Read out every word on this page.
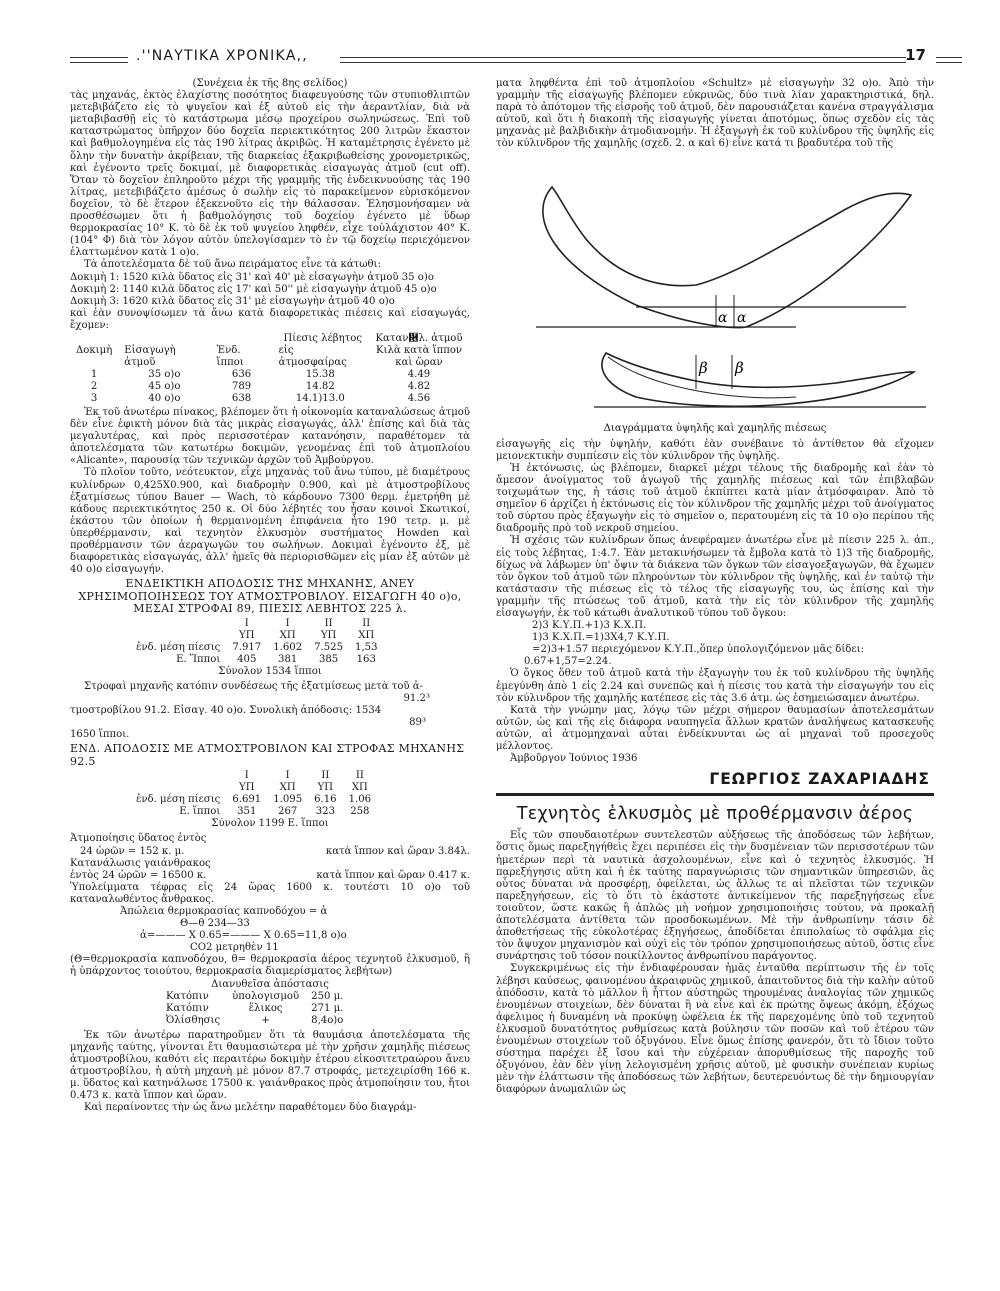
.''ΝΑΥΤΙΚΑ ΧΡΟΝΙΚΑ,,	17

(Συνέχεια ἐκ τῆς 8ης σελίδος)

τὰς μηχανάς, ἐκτὸς ἐλαχίστης ποσότητος διαφευγούσης τῶν στυπιοθλιπτῶν μετεβιβάζετο εἰς τὸ ψυγεῖον καὶ ἐξ αὐτοῦ εἰς τὴν ἀεραντλίαν, διὰ νὰ μεταβιβασθῇ εἰς τὸ κατάστρωμα μέσῳ προχείρου σωληνώσεως. Ἐπὶ τοῦ καταστρώματος ὑπῆρχον δύο δοχεῖα περιεκτικότητος 200 λιτρῶν ἕκαστον καὶ βαθμολογημένα εἰς τὰς 190 λίτρας ἀκριβῶς. Ἡ καταμέτρησις ἐγένετο μὲ ὅλην τὴν δυνατὴν ἀκρίβειαν, τῆς διαρκείας ἐξακριβωθείσης χρονομετρικῶς, καὶ ἐγένοντο τρεῖς δοκιμαί, μὲ διαφορετικὰς εἰσαγωγὰς ἀτμοῦ (cut off). Ὅταν τὸ δοχεῖον ἐπληροῦτο μέχρι τῆς γραμμῆς τῆς ἐνδεικνυούσης τὰς 190 λίτρας, μετεβιβάζετο ἀμέσως ὁ σωλὴν εἰς τὸ παρακείμενον εὑρισκόμενον δοχεῖον, τὸ δὲ ἕτερον ἐξεκενοῦτο εἰς τὴν θάλασσαν. Ἐλησμονήσαμεν νὰ προσθέσωμεν ὅτι ἡ βαθμολόγησις τοῦ δοχείου ἐγένετο μὲ ὕδωρ θερμοκρασίας 10° Κ. τὸ δὲ ἐκ τοῦ ψυγείου ληφθέν, εἶχε τοὐλάχιστον 40° Κ. (104° Φ) διὰ τὸν λόγον αὐτὸν ὑπελογίσαμεν τὸ ἐν τῷ δοχείῳ περιεχόμενον ἐλαττωμένον κατὰ 1 ο)ο.

Τὰ ἀποτελέσματα δὲ τοῦ ἄνω πειράματος εἶνε τὰ κάτωθι:

Δοκιμὴ 1: 1520 κιλὰ ὕδατος εἰς 31' καὶ 40' μὲ εἰσαγωγὴν ἀτμοῦ 35 ο)ο

Δοκιμὴ 2: 1140 κιλὰ ὕδατος εἰς 17' καὶ 50'' μὲ εἰσαγωγὴν ἀτμοῦ 45 ο)ο

Δοκιμὴ 3: 1620 κιλὰ ὕδατος εἰς 31' μὲ εἰσαγωγὴν ἀτμοῦ 40 ο)ο

καὶ ἐὰν συνοψίσωμεν τὰ ἄνω κατὰ διαφορετικὰς πιέσεις καὶ εἰσαγωγάς, ἔχομεν:

			Πίεσις λέβητος	Καταν἖λ. ἀτμοῦ
Δοκιμὴ	Εἰσαγωγὴ ἀτμοῦ	Ἐνδ. ἵπποι	εἰς ἀτμοσφαίρας	Κιλὰ κατὰ ἵππον καὶ ὥραν
1	35 ο)ο	636	15.38	4.49
2	45 ο)ο	789	14.82	4.82
3	40 ο)ο	638	14.1)13.0	4.56

Ἐκ τοῦ ἀνωτέρω πίνακος, βλέπομεν ὅτι ἡ οἰκονομία καταναλώσεως ἀτμοῦ δὲν εἶνε ἐφικτὴ μόνον διὰ τὰς μικρὰς εἰσαγωγάς, ἀλλ' ἐπίσης καὶ διὰ τὰς μεγαλυτέρας, καὶ πρὸς περισσοτέραν κατανόησιν, παραθέτομεν τὰ ἀποτελέσματα τῶν κατωτέρω δοκιμῶν, γενομένας ἐπὶ τοῦ ἀτμοπλοίου «Alicante», παρουσίᾳ τῶν τεχνικῶν ἀρχῶν τοῦ Ἀμβούργου.

Τὸ πλοῖον τοῦτο, νεότευκτον, εἶχε μηχανὰς τοῦ ἄνω τύπου, μὲ διαμέτρους κυλίνδρων 0,425Χ0.900, καὶ διαδρομὴν 0.900, καὶ μὲ ἀτμοστροβίλους ἐξατμίσεως τύπου Bauer — Wach, τὸ κάρδουνο 7300 θερμ. ἐμετρήθη μὲ κάδους περιεκτικότητος 250 κ. Οἱ δύο λέβητές του ἦσαν κοινοὶ Σκωτικοί, ἑκάστου τῶν ὁποίων ἡ θερμαινομένη ἐπιφάνεια ἦτο 190 τετρ. μ. μὲ ὑπερθέρμανσιν, καὶ τεχνητὸν ἑλκυσμὸν συστήματος Howden καὶ προθέρμανσιν τῶν ἀεραγωγῶν του σωλήνων. Δοκιμαὶ ἐγένοντο ἐξ, μὲ διαφορετικὰς εἰσαγωγάς, ἀλλ' ἡμεῖς θὰ περιορισθῶμεν εἰς μίαν ἐξ αὐτῶν μὲ 40 ο)ο εἰσαγωγήν.

ΕΝΔΕΙΚΤΙΚΗ ΑΠΟΔΟΣΙΣ ΤΗΣ ΜΗΧΑΝΗΣ, ΑΝΕΥ ΧΡΗΣΙΜΟΠΟΙΗΣΕΩΣ ΤΟΥ ΑΤΜΟΣΤΡΟΒΙΛΟΥ. ΕΙΣΑΓΩΓΗ 40 ο)ο, ΜΕΣΑΙ ΣΤΡΟΦΑΙ 89, ΠΙΕΣΙΣ ΛΕΒΗΤΟΣ 225 λ.
	Ι	Ι	ΙΙ	ΙΙ
	ΥΠ	ΧΠ	ΥΠ	ΧΠ
ἐνδ. μέση πίεσις	7.917	1.602	7.525	1,53
Ε. Ἵπποι	405	381	385	163

Σύνολον 1534 ἵπποι

Στροφαὶ μηχανῆς κατόπιν συνδέσεως τῆς ἐξατμίσεως μετὰ τοῦ ἀ-

91.2³

τμοστροβίλου 91.2. Εἰσαγ. 40 ο)ο. Συνολικὴ ἀπόδοσις: 1534

89³

1650 ἵπποι.

ΕΝΔ. ΑΠΟΔΟΣΙΣ ΜΕ ΑΤΜΟΣΤΡΟΒΙΛΟΝ ΚΑΙ ΣΤΡΟΦΑΣ ΜΗΧΑΝΗΣ 92.5
	Ι	Ι	ΙΙ	ΙΙ
	ΥΠ	ΧΠ	ΥΠ	ΧΠ
ἐνδ. μέση πίεσις	6.691	1.095	6.16	1.06
Ε. ἵπποι	351	267	323	258

Σύνολον 1199 Ε. ἵπποι

Ἀτμοποίησις ὕδατος ἐντὸς

24 ὡρῶν = 152 κ. μ.	κατὰ ἵππον καὶ ὥραν 3.84λ.

Κατανάλωσις γαιάνθρακος

ἐντὸς 24 ὡρῶν = 16500 κ.	κατὰ ἵππον καὶ ὥραν 0.417 κ.

Ὑπολείμματα τέφρας εἰς 24 ὥρας 1600 κ. τουτέστι 10 ο)ο τοῦ καταναλωθέντος ἄνθρακος.

Ἀπώλεια θερμοκρασίας καπνοδόχου = ἀ

Θ—θ 234—33

ἀ=——— Χ 0.65=——— Χ 0.65=11,8 ο)ο

CO2 μετρηθὲν 11

(Θ=θερμοκρασία καπνοδόχου, θ= θερμοκρασία ἀέρος τεχνητοῦ ἑλκυσμοῦ, ἢ ἡ ὑπάρχοντος τοιούτου, θερμοκρασία διαμερίσματος λεβήτων)

Διανυθεῖσα ἀπόστασις

Κατόπιν	ὑπολογισμοῦ	250 μ.
Κατόπιν	ἕλικος	271 μ.
Ὀλίσθησις	+	8,4ο)ο

Ἐκ τῶν ἀνωτέρω παρατηροῦμεν ὅτι τὰ θαυμάσια ἀποτελέσματα τῆς μηχανῆς ταύτης, γίνονται ἔτι θαυμασιώτερα μὲ τὴν χρῆσιν χαμηλῆς πιέσεως ἀτμοστροβίλου, καθότι εἰς περαιτέρω δοκιμὴν ἑτέρου εἰκοσιτετραώρου ἄνευ ἀτμοστροβίλου, ἡ αὐτὴ μηχανὴ μὲ μόνον 87.7 στροφάς, μετεχειρίσθη 166 κ. μ. ὕδατος καὶ κατηνάλωσε 17500 κ. γαιάνθρακος πρὸς ἀτμοποίησιν του, ἤτοι 0.473 κ. κατὰ ἵππον καὶ ὥραν.

Καὶ περαίνοντες τὴν ὡς ἄνω μελέτην παραθέτομεν δύο διαγράμ-

ματα ληφθέντα ἐπὶ τοῦ ἀτμοπλοίου «Schultz» μὲ εἰσαγωγὴν 32 ο)ο. Ἀπὸ τὴν γραμμὴν τῆς εἰσαγωγῆς βλέπομεν εὐκρινῶς, δύο τινὰ λίαν χαρακτηριστικά, δηλ. παρὰ τὸ ἀπότομον τῆς εἰσροῆς τοῦ ἀτμοῦ, δὲν παρουσιάζεται κανένα στραγγάλισμα αὐτοῦ, καὶ ὅτι ἡ διακοπὴ τῆς εἰσαγωγῆς γίνεται ἀποτόμως, ὅπως σχεδὸν εἰς τὰς μηχανὰς μὲ βαλβιδικὴν ἀτμοδιανομήν. Ἡ ἐξαγωγὴ ἐκ τοῦ κυλίνδρου τῆς ὑψηλῆς εἰς τὸν κύλινδρον τῆς χαμηλῆς (σχεδ. 2. α καὶ 6) εἶνε κατά τι βραδυτέρα τοῦ τῆς

α α
β β

Διαγράμματα ὑψηλῆς καὶ χαμηλῆς πιέσεως

εἰσαγωγῆς εἰς τὴν ὑψηλήν, καθότι ἐὰν συνέβαινε τὸ ἀντίθετον θὰ εἴχομεν μειονεκτικὴν συμπίεσιν εἰς τὸν κύλινδρον τῆς ὑψηλῆς.

Ἡ ἐκτόνωσις, ὡς βλέπομεν, διαρκεῖ μέχρι τέλους τῆς διαδρομῆς καὶ ἐὰν τὸ ἄμεσον ἀνοίγματος τοῦ ἀγωγοῦ τῆς χαμηλῆς πιέσεως καὶ τῶν ἐπιβλαβῶν τοιχωμάτων της, ἡ τάσις τοῦ ἀτμοῦ ἐκπίπτει κατὰ μίαν ἀτμόσφαιραν. Ἀπὸ τὸ σημεῖον 6 ἀρχίζει ἡ ἐκτόνωσις εἰς τὸν κύλινδρον τῆς χαμηλῆς μέχρι τοῦ ἀνοίγματος τοῦ σύρτου πρὸς ἐξαγωγὴν εἰς τὸ σημεῖον ο, περατουμένη εἰς τὰ 10 ο)ο περίπου τῆς διαδρομῆς πρὸ τοῦ νεκροῦ σημείου.

Ἡ σχέσις τῶν κυλίνδρων ὅπως ἀνεφέραμεν ἀνωτέρω εἶνε μὲ πίεσιν 225 λ. ἀπ., εἰς τοὺς λέβητας, 1:4.7. Ἐὰν μετακινήσωμεν τὰ ἔμβολα κατὰ τὸ 1)3 τῆς διαδρομῆς, δίχως νὰ λάβωμεν ὑπ' ὄψιν τὰ διάκενα τῶν ὄγκων τῶν εἰσαγοεξαγωγῶν, θὰ ἔχωμεν τὸν ὄγκον τοῦ ἀτμοῦ τῶν πληρούντων τὸν κύλινδρον τῆς ὑψηλῆς, καὶ ἐν ταὐτῷ τὴν κατάστασιν τῆς πιέσεως εἰς τὸ τέλος τῆς εἰσαγωγῆς του, ὡς ἐπίσης καὶ τὴν γραμμὴν τῆς πτώσεως τοῦ ἀτμοῦ, κατὰ τὴν εἰς τὸν κύλινδρον τῆς χαμηλῆς εἰσαγωγήν, ἐκ τοῦ κάτωθι ἀναλυτικοῦ τύπου τοῦ ὄγκου:

2)3 Κ.Υ.Π.+1)3 Κ.Χ.Π.

1)3 Κ.Χ.Π.=1)3Χ4,7 Κ.Υ.Π.

=2)3+1.57 περιεχόμενον Κ.Υ.Π.,ὅπερ ὑπολογιζόμενον μᾶς δίδει:

0.67+1,57=2.24.

Ὁ ὄγκος ὅθεν τοῦ ἀτμοῦ κατὰ τὴν ἐξαγωγὴν του ἐκ τοῦ κυλίνδρου τῆς ὑψηλῆς ἐμεγύνθη ἀπὸ 1 εἰς 2.24 καὶ συνεπῶς καὶ ἡ πίεσις του κατὰ τὴν εἰσαγωγήν του εἰς τὸν κύλινδρον τῆς χαμηλῆς κατέπεσε εἰς τὰς 3.6 ἀτμ. ὡς ἐσημειώσαμεν ἀνωτέρω.

Κατὰ τὴν γνώμην μας, λόγῳ τῶν μέχρι σήμερον θαυμασίων ἀποτελεσμάτων αὐτῶν, ὡς καὶ τῆς εἰς διάφορα ναυπηγεῖα ἄλλων κρατῶν ἀναλήψεως κατασκευῆς αὐτῶν, αἱ ἀτμομηχαναὶ αὗται ἐνδείκνυνται ὡς αἱ μηχαναὶ τοῦ προσεχοῦς μέλλοντος.

Ἀμβοῦργον Ἰούνιος 1936

ΓΕΩΡΓΙΟΣ ΖΑΧΑΡΙΑΔΗΣ
Τεχνητὸς ἑλκυσμὸς μὲ προθέρμανσιν ἀέρος

Εἷς τῶν σπουδαιοτέρων συντελεστῶν αὐξήσεως τῆς ἀποδόσεως τῶν λεβήτων, ὅστις ὅμως παρεξηγήθεὶς ἔχει περιπέσει εἰς τὴν δυσμένειαν τῶν περισσοτέρων τῶν ἡμετέρων περὶ τὰ ναυτικὰ ἀσχολουμένων, εἶνε καὶ ὁ τεχνητὸς ἑλκυσμός. Ἡ παρεξήγησις αὕτη καὶ ἡ ἐκ ταύτης παραγνώρισις τῶν σημαντικῶν ὑπηρεσιῶν, ἃς οὗτος δύναται νὰ προσφέρῃ, ὀφείλεται, ὡς ἄλλως τε αἱ πλεῖσται τῶν τεχνικῶν παρεξηγήσεων, εἰς τὸ ὅτι τὸ ἑκάστοτε ἀντικείμενον τῆς παρεξηγήσεως εἶνε τοιοῦτον, ὥστε κακῶς ἢ ἁπλῶς μὴ νοήμον χρησιμοποιήσις τούτου, νὰ προκαλῇ ἀποτελέσματα ἀντίθετα τῶν προσδοκωμένων. Μὲ τὴν ἀνθρωπίνην τάσιν δὲ ἀποθετήσεως τῆς εὐκολοτέρας ἐξηγήσεως, ἀποδίδεται ἐπιπολαίως τὸ σφάλμα εἰς τὸν ἄψυχον μηχανισμὸν καὶ οὐχὶ εἰς τὸν τρόπον χρησιμοποιήσεως αὐτοῦ, ὅστις εἶνε συνάρτησις τοῦ τόσον ποικίλλοντος ἀνθρωπίνου παράγοντος.

Συγκεκριμένως εἰς τὴν ἐνδιαφέρουσαν ἡμᾶς ἐνταῦθα περίπτωσιν τῆς ἐν τοῖς λέβησι καύσεως, φαινομένου ἀκραιφνῶς χημικοῦ, ἀπαιτοῦντος διὰ τὴν καλὴν αὐτοῦ ἀπόδοσιν, κατὰ τὸ μᾶλλον ἢ ἧττον αὐστηρῶς τηρουμένας ἀναλογίας τῶν χημικῶς ἑνουμένων στοιχείων, δὲν δύναται ἢ νὰ εἶνε καὶ ἐκ πρώτης ὄψεως ἀκόμη, ἐξόχως ἀφελιμος ἡ δυναμένη νὰ προκύψῃ ὠφέλεια ἐκ τῆς παρεχομένης ὑπὸ τοῦ τεχνητοῦ ἑλκυσμοῦ δυνατότητος ρυθμίσεως κατὰ βούλησιν τῶν ποσῶν καὶ τοῦ ἑτέρου τῶν ἑνουμένων στοιχείων τοῦ ὀξυγόνου. Εἶνε ὅμως ἐπίσης φανερόν, ὅτι τὸ ἴδιον τοῦτο σύστημα παρέχει ἐξ ἴσου καὶ τὴν εὐχέρειαν ἀπορυθμίσεως τῆς παροχῆς τοῦ ὀξυγόνου, ἐὰν δὲν γίνῃ λελογισμένη χρῆσις αὐτοῦ, μὲ φυσικὴν συνέπειαν κυρίως μὲν τὴν ἐλάττωσιν τῆς ἀποδόσεως τῶν λεβήτων, δευτερευόντως δὲ τὴν δημιουργίαν διαφόρων ἀνωμαλιῶν ὡς
